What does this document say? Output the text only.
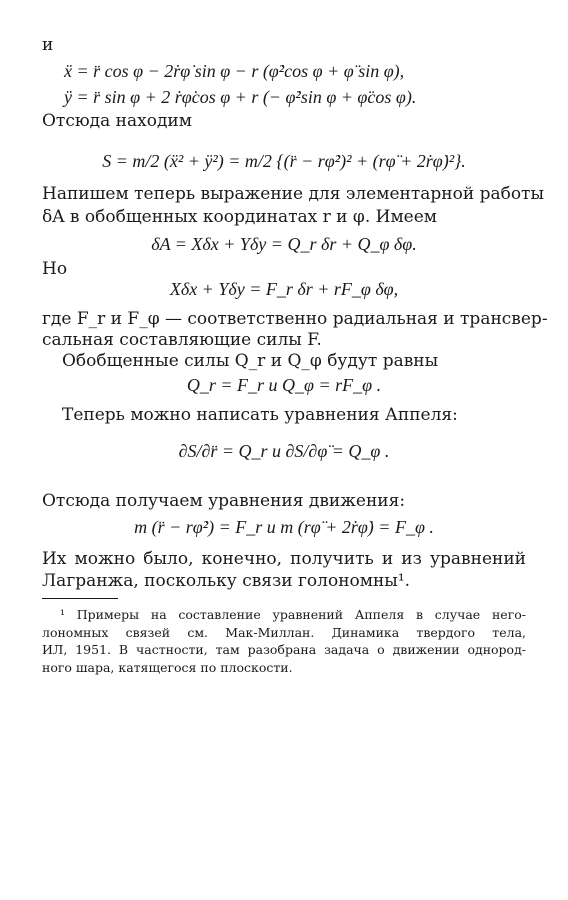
и
ẍ = r̈ cos φ − 2ṙφ̇ sin φ − r (φ̇²cos φ + φ̈ sin φ),
ÿ = r̈ sin φ + 2 ṙφ̇cos φ + r (− φ̇²sin φ + φ̈cos φ).
Отсюда находим
S = m/2 (ẍ² + ÿ²) = m/2 {(r̈ − rφ̇²)² + (rφ̈ + 2ṙφ̇)²}.
Напишем теперь выражение для элементарной работы
δA в обобщенных координатах r и φ. Имеем
δA = Xδx + Yδy = Q_r δr + Q_φ δφ.
Но
Xδx + Yδy = F_r δr + rF_φ δφ,
где F_r и F_φ — соответственно радиальная и трансвер-
сальная составляющие силы F.
Обобщенные силы Q_r и Q_φ будут равны
Q_r = F_r и Q_φ = rF_φ .
Теперь можно написать уравнения Аппеля:
∂S/∂r̈ = Q_r и ∂S/∂φ̈ = Q_φ .
Отсюда получаем уравнения движения:
m (r̈ − rφ̇²) = F_r и m (rφ̈ + 2ṙφ̇) = F_φ .
Их можно было, конечно, получить и из уравнений
Лагранжа, поскольку связи голономны¹.
¹ Примеры на составление уравнений Аппеля в случае него-
лономных связей см. Мак-Миллан. Динамика твердого тела,
ИЛ, 1951. В частности, там разобрана задача о движении однород-
ного шара, катящегося по плоскости.
